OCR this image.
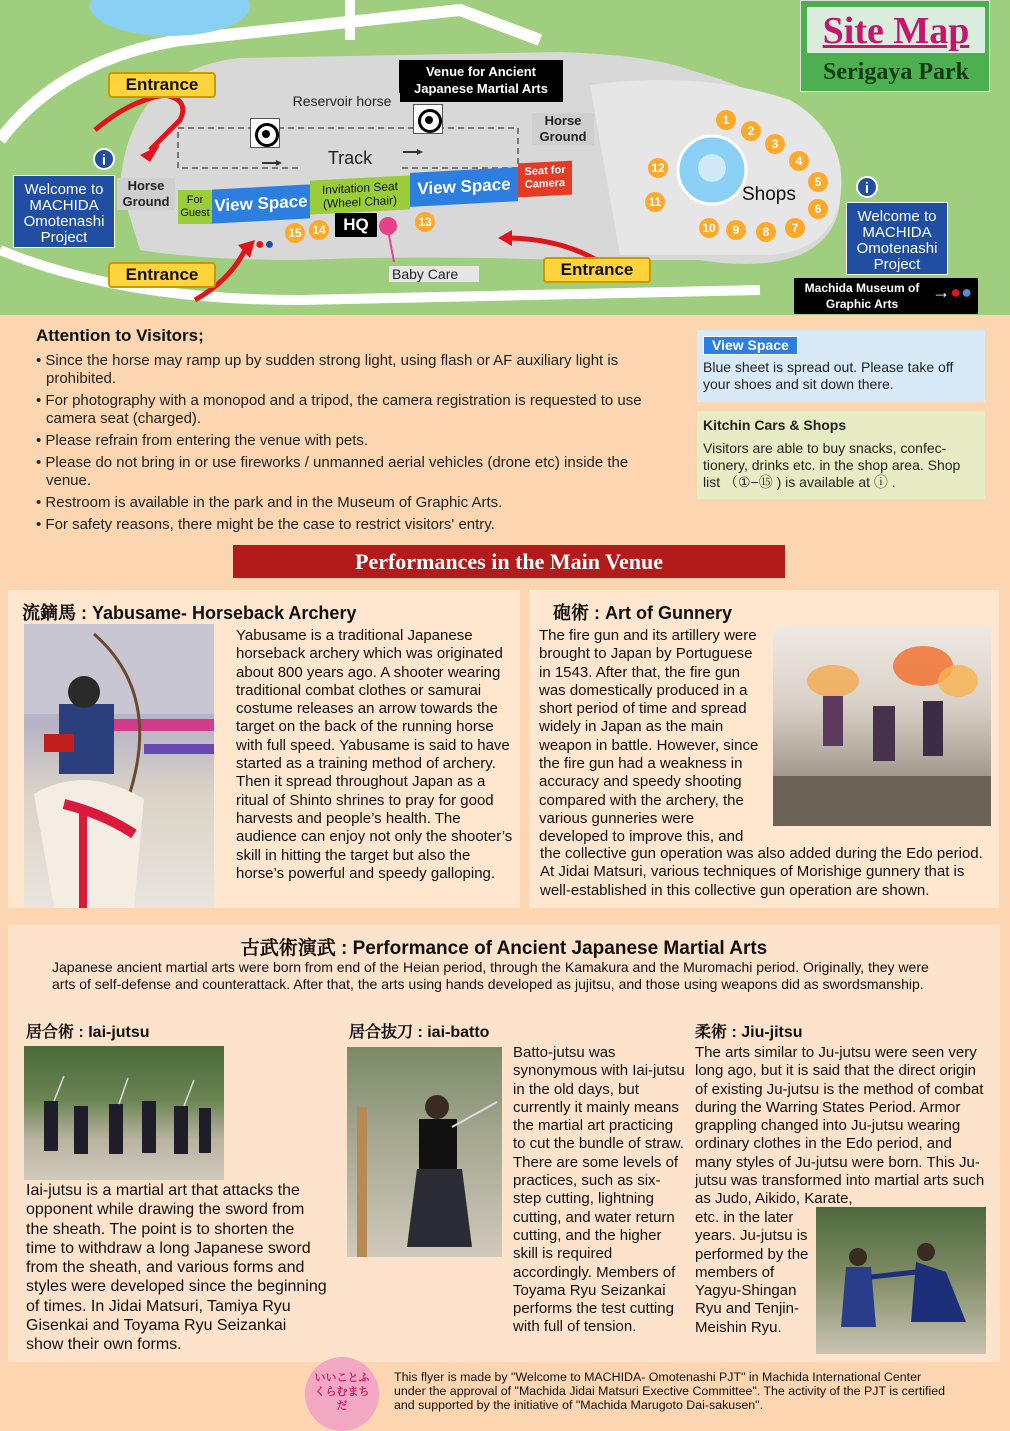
Site Map
Serigaya Park
Entrance
Entrance	Entrance
Venue for Ancient
Japanese Martial Arts
Reservoir horse
Horse Ground
Horse Ground
Track
For Guest View Space
Invitation Seat (Wheel Chair)
View Space
Seat for Camera
HQ
●●
Baby Care
1
2
3
4
5
6
7
8
9
10
11
12
13
14
15
Shops
i
Welcome to MACHIDA Omotenashi Project
i
Welcome to MACHIDA Omotenashi Project
Machida Museum of Graphic Arts
→●●
Attention to Visitors;
• Since the horse may ramp up by sudden strong light, using flash or AF auxiliary light is prohibited.
• For photography with a monopod and a tripod, the camera registration is requested to use camera seat (charged).
• Please refrain from entering the venue with pets.
• Please do not bring in or use fireworks / unmanned aerial vehicles (drone etc) inside the venue.
• Restroom is available in the park and in the Museum of Graphic Arts.
• For safety reasons, there might be the case to restrict visitors' entry.
View Space
Blue sheet is spread out. Please take off your shoes and sit down there.
Kitchin Cars & Shops
Visitors are able to buy snacks, confec-tionery, drinks etc. in the shop area. Shop list （①−⑮ ) is available at ⓘ .
Performances in the Main Venue
流鏑馬 : Yabusame- Horseback Archery
Yabusame is a traditional Japanese horseback archery which was originated about 800 years ago. A shooter wearing traditional combat clothes or samurai costume releases an arrow towards the target on the back of the running horse with full speed. Yabusame is said to have started as a training method of archery. Then it spread throughout Japan as a ritual of Shinto shrines to pray for good harvests and people’s health. The audience can enjoy not only the shooter’s skill in hitting the target but also the horse’s powerful and speedy galloping.
砲術 : Art of Gunnery
The fire gun and its artillery were brought to Japan by Portuguese in 1543. After that, the fire gun was domestically produced in a short period of time and spread widely in Japan as the main weapon in battle. However, since the fire gun had a weakness in accuracy and speedy shooting compared with the archery, the various gunneries were developed to improve this, and
the collective gun operation was also added during the Edo period. At Jidai Matsuri, various techniques of Morishige gunnery that is well-established in this collective gun operation are shown.
古武術演武 : Performance of Ancient Japanese Martial Arts
Japanese ancient martial arts were born from end of the Heian period, through the Kamakura and the Muromachi period. Originally, they were arts of self-defense and counterattack. After that, the arts using hands developed as jujitsu, and those using weapons did as swordsmanship.
居合術 : Iai-jutsu
Iai-jutsu is a martial art that attacks the opponent while drawing the sword from the sheath. The point is to shorten the time to withdraw a long Japanese sword from the sheath, and various forms and styles were developed since the beginning of times. In Jidai Matsuri, Tamiya Ryu Gisenkai and Toyama Ryu Seizankai show their own forms.
居合抜刀 : iai-batto
Batto-jutsu was synonymous with Iai-jutsu in the old days, but currently it mainly means the martial art practicing to cut the bundle of straw. There are some levels of practices, such as six-step cutting, lightning cutting, and water return cutting, and the higher skill is required accordingly. Members of Toyama Ryu Seizankai performs the test cutting with full of tension.
柔術 : Jiu-jitsu
The arts similar to Ju-jutsu were seen very long ago, but it is said that the direct origin of existing Ju-jutsu is the method of combat during the Warring States Period. Armor grappling changed into Ju-jutsu wearing ordinary clothes in the Edo period, and many styles of Ju-jutsu were born. This Ju-jutsu was transformed into martial arts such as Judo, Aikido, Karate,
etc. in the later years. Ju-jutsu is performed by the members of Yagyu-Shingan Ryu and Tenjin-Meishin Ryu.
いいことふくらむまちだ
This flyer is made by "Welcome to MACHIDA- Omotenashi PJT" in Machida International Center
under the approval of "Machida Jidai Matsuri Exective Committee". The activity of the PJT is certified
and supported by the initiative of "Machida Marugoto Dai-sakusen".
